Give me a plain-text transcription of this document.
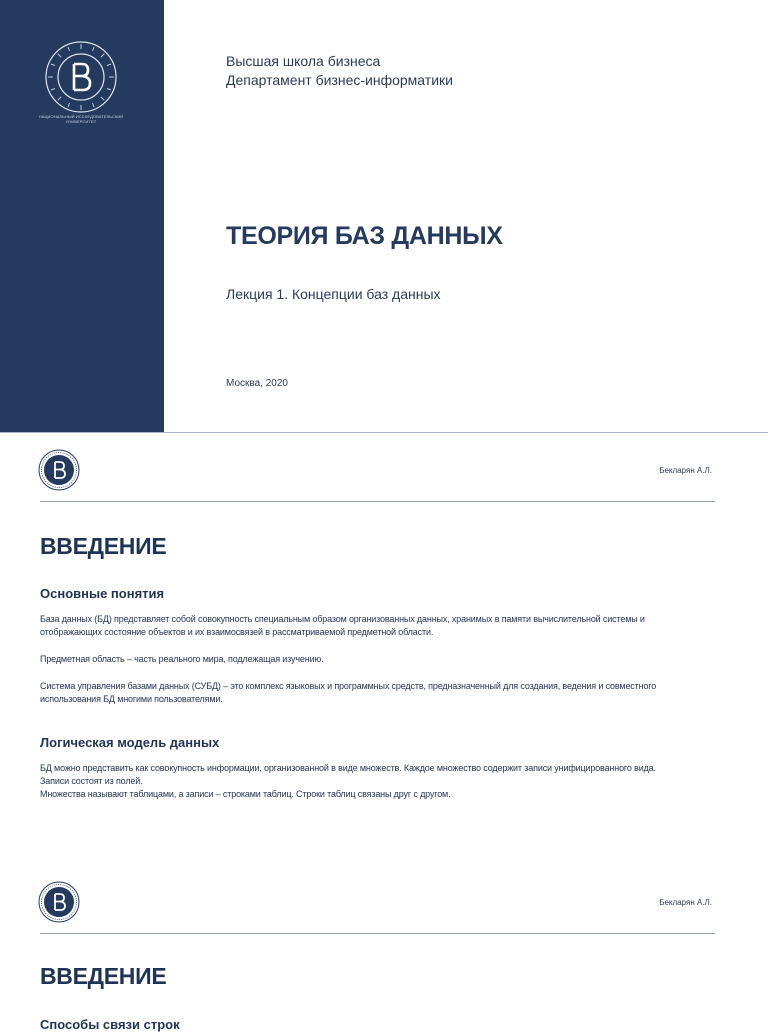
НАЦИОНАЛЬНЫЙ ИССЛЕДОВАТЕЛЬСКИЙ УНИВЕРСИТЕТ
Высшая школа бизнеса
Департамент бизнес-информатики
ТЕОРИЯ БАЗ ДАННЫХ
Лекция 1. Концепции баз данных
Москва, 2020
Бекларян А.Л.
ВВЕДЕНИЕ
Основные понятия
База данных (БД) представляет собой совокупность специальным образом организованных данных, хранимых в памяти вычислительной системы и
отображающих состояние объектов и их взаимосвязей в рассматриваемой предметной области.
Предметная область – часть реального мира, подлежащая изучению.
Система управления базами данных (СУБД) – это комплекс языковых и программных средств, предназначенный для создания, ведения и совместного
использования БД многими пользователями.
Логическая модель данных
БД можно представить как совокупность информации, организованной в виде множеств. Каждое множество содержит записи унифицированного вида.
Записи состоят из полей.
Множества называют таблицами, а записи – строками таблиц. Строки таблиц связаны друг с другом.
Бекларян А.Л.
ВВЕДЕНИЕ
Способы связи строк
